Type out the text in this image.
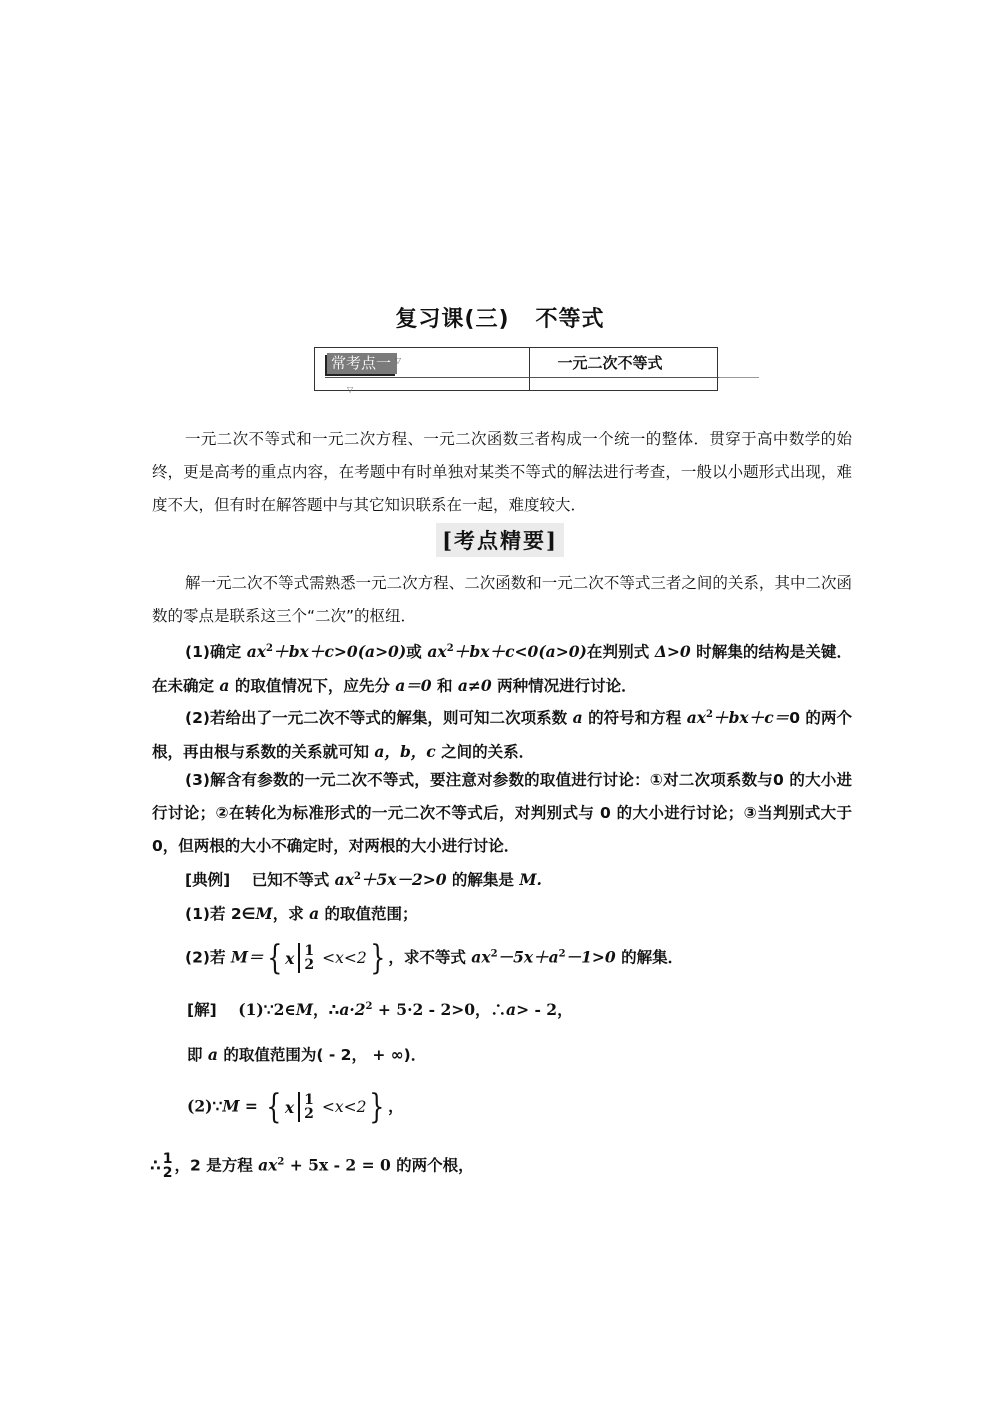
复习课(三) 不等式
常考点一 ▽
▽
一元二次不等式
一元二次不等式和一元二次方程、一元二次函数三者构成一个统一的整体．贯穿于高中数学的始终，更是高考的重点内容，在考题中有时单独对某类不等式的解法进行考查，一般以小题形式出现，难度不大，但有时在解答题中与其它知识联系在一起，难度较大．
[考点精要]
解一元二次不等式需熟悉一元二次方程、二次函数和一元二次不等式三者之间的关系，其中二次函数的零点是联系这三个“二次”的枢纽．
(1)确定 $ax^2+bx+c>0(a>0)$或 $ax^2+bx+c<0(a>0)$在判别式 Δ>0 时解集的结构是关键．在未确定 a 的取值情况下，应先分 a＝0 和 a≠0 两种情况进行讨论．
(2)若给出了一元二次不等式的解集，则可知二次项系数 a 的符号和方程 $ax^2+bx+c=0$ 的两个根，再由根与系数的关系就可知 a，b，c 之间的关系．
(3)解含有参数的一元二次不等式，要注意对参数的取值进行讨论：①对二次项系数与0 的大小进行讨论；②在转化为标准形式的一元二次不等式后，对判别式与 0 的大小进行讨论；③当判别式大于 0，但两根的大小不确定时，对两根的大小进行讨论．
[典例] 已知不等式 $ax^2+5x-2>0$ 的解集是 M.
(1)若 2∈M，求 a 的取值范围；
(2)若 M＝ { x 1
2 <x<2 } ，求不等式 $ax^2-5x+a^2-1>0$ 的解集．
[解] (1)∵2∈M，$\therefore a\cdot 2^2 + 5\cdot 2 - 2>0$，∴a> - 2，
即 a 的取值范围为( - 2， + ∞)．
(2)∵M = { x 1
2 <x<2 } ，
∴ 1
2 ，2 是方程 $ax^2 + 5x - 2 = 0$ 的两个根，
